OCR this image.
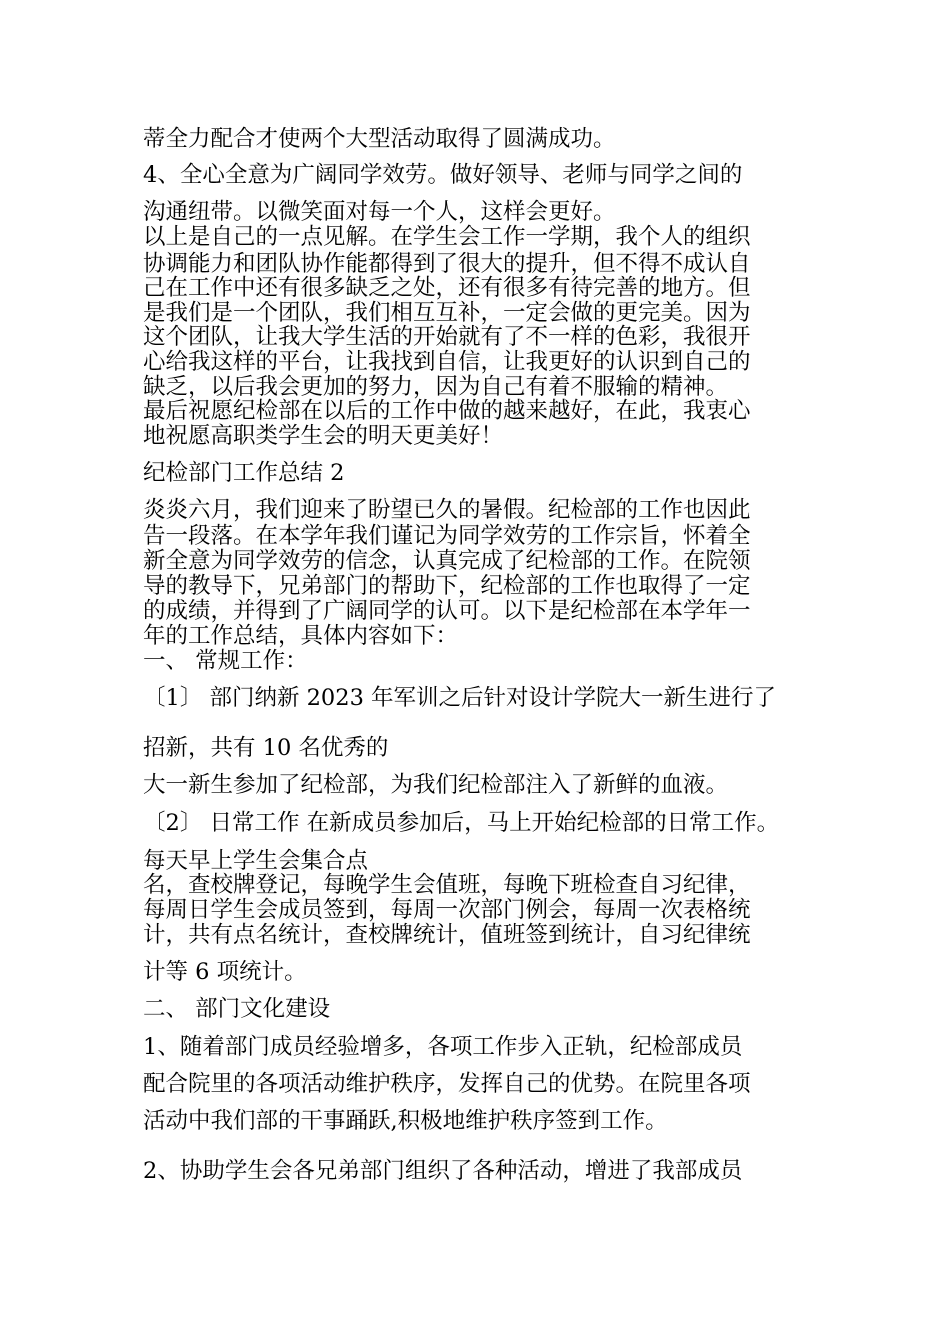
蒂全力配合才使两个大型活动取得了圆满成功。
4、全心全意为广阔同学效劳。做好领导、老师与同学之间的
沟通纽带。以微笑面对每一个人，这样会更好。
以上是自己的一点见解。在学生会工作一学期，我个人的组织
协调能力和团队协作能都得到了很大的提升，但不得不成认自
己在工作中还有很多缺乏之处，还有很多有待完善的地方。但
是我们是一个团队，我们相互互补，一定会做的更完美。因为
这个团队，让我大学生活的开始就有了不一样的色彩，我很开
心给我这样的平台，让我找到自信，让我更好的认识到自己的
缺乏，以后我会更加的努力，因为自己有着不服输的精神。
最后祝愿纪检部在以后的工作中做的越来越好，在此，我衷心
地祝愿高职类学生会的明天更美好！
纪检部门工作总结 2
炎炎六月，我们迎来了盼望已久的暑假。纪检部的工作也因此
告一段落。在本学年我们谨记为同学效劳的工作宗旨，怀着全
新全意为同学效劳的信念，认真完成了纪检部的工作。在院领
导的教导下，兄弟部门的帮助下，纪检部的工作也取得了一定
的成绩，并得到了广阔同学的认可。以下是纪检部在本学年一
年的工作总结，具体内容如下：
一、 常规工作：
〔1〕 部门纳新 2023 年军训之后针对设计学院大一新生进行了
招新，共有 10 名优秀的
大一新生参加了纪检部，为我们纪检部注入了新鲜的血液。
〔2〕 日常工作 在新成员参加后，马上开始纪检部的日常工作。
每天早上学生会集合点
名，查校牌登记，每晚学生会值班，每晚下班检查自习纪律，
每周日学生会成员签到，每周一次部门例会，每周一次表格统
计，共有点名统计，查校牌统计，值班签到统计，自习纪律统
计等 6 项统计。
二、 部门文化建设
1、随着部门成员经验增多，各项工作步入正轨，纪检部成员
配合院里的各项活动维护秩序，发挥自己的优势。在院里各项
活动中我们部的干事踊跃,积极地维护秩序签到工作。
2、协助学生会各兄弟部门组织了各种活动，增进了我部成员
